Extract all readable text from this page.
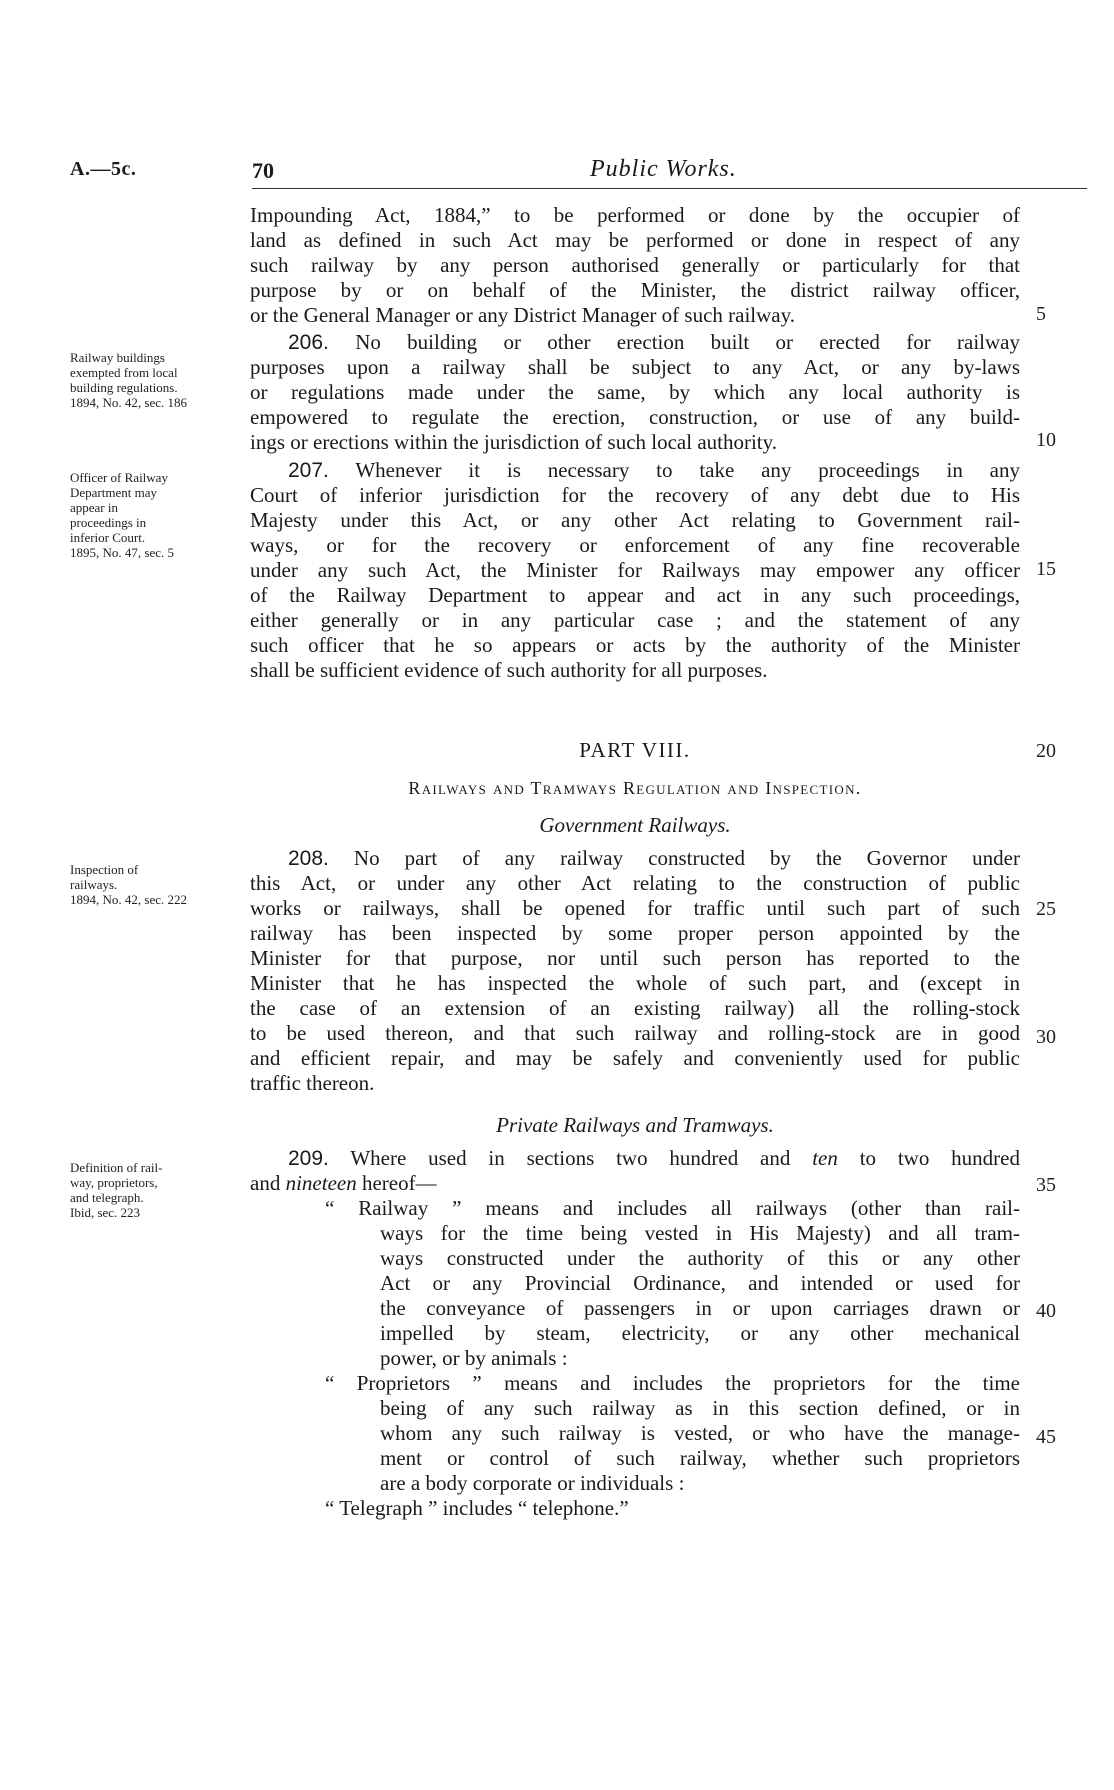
A.—5c.	70	Public Works.
Impounding Act, 1884,” to be performed or done by the occupier of
land as defined in such Act may be performed or done in respect of any
such railway by any person authorised generally or particularly for that
purpose by or on behalf of the Minister, the district railway officer,
or the General Manager or any District Manager of such railway.
Railway buildings
exempted from local
building regulations.
1894, No. 42, sec. 186
206. No building or other erection built or erected for railway
purposes upon a railway shall be subject to any Act, or any by-laws
or regulations made under the same, by which any local authority is
empowered to regulate the erection, construction, or use of any build-
ings or erections within the jurisdiction of such local authority.
Officer of Railway
Department may
appear in
proceedings in
inferior Court.
1895, No. 47, sec. 5
207. Whenever it is necessary to take any proceedings in any
Court of inferior jurisdiction for the recovery of any debt due to His
Majesty under this Act, or any other Act relating to Government rail-
ways, or for the recovery or enforcement of any fine recoverable
under any such Act, the Minister for Railways may empower any officer
of the Railway Department to appear and act in any such proceedings,
either generally or in any particular case ; and the statement of any
such officer that he so appears or acts by the authority of the Minister
shall be sufficient evidence of such authority for all purposes.
PART VIII.
Railways and Tramways Regulation and Inspection.
Government Railways.
Inspection of
railways.
1894, No. 42, sec. 222
208. No part of any railway constructed by the Governor under
this Act, or under any other Act relating to the construction of public
works or railways, shall be opened for traffic until such part of such
railway has been inspected by some proper person appointed by the
Minister for that purpose, nor until such person has reported to the
Minister that he has inspected the whole of such part, and (except in
the case of an extension of an existing railway) all the rolling-stock
to be used thereon, and that such railway and rolling-stock are in good
and efficient repair, and may be safely and conveniently used for public
traffic thereon.
Private Railways and Tramways.
Definition of rail-
way, proprietors,
and telegraph.
Ibid, sec. 223
209. Where used in sections two hundred and ten to two hundred
and nineteen hereof—
“ Railway ” means and includes all railways (other than rail-
ways for the time being vested in His Majesty) and all tram-
ways constructed under the authority of this or any other
Act or any Provincial Ordinance, and intended or used for
the conveyance of passengers in or upon carriages drawn or
impelled by steam, electricity, or any other mechanical
power, or by animals :
“ Proprietors ” means and includes the proprietors for the time
being of any such railway as in this section defined, or in
whom any such railway is vested, or who have the manage-
ment or control of such railway, whether such proprietors
are a body corporate or individuals :
“ Telegraph ” includes “ telephone.”
5
10
15
20
25
30
35
40
45
